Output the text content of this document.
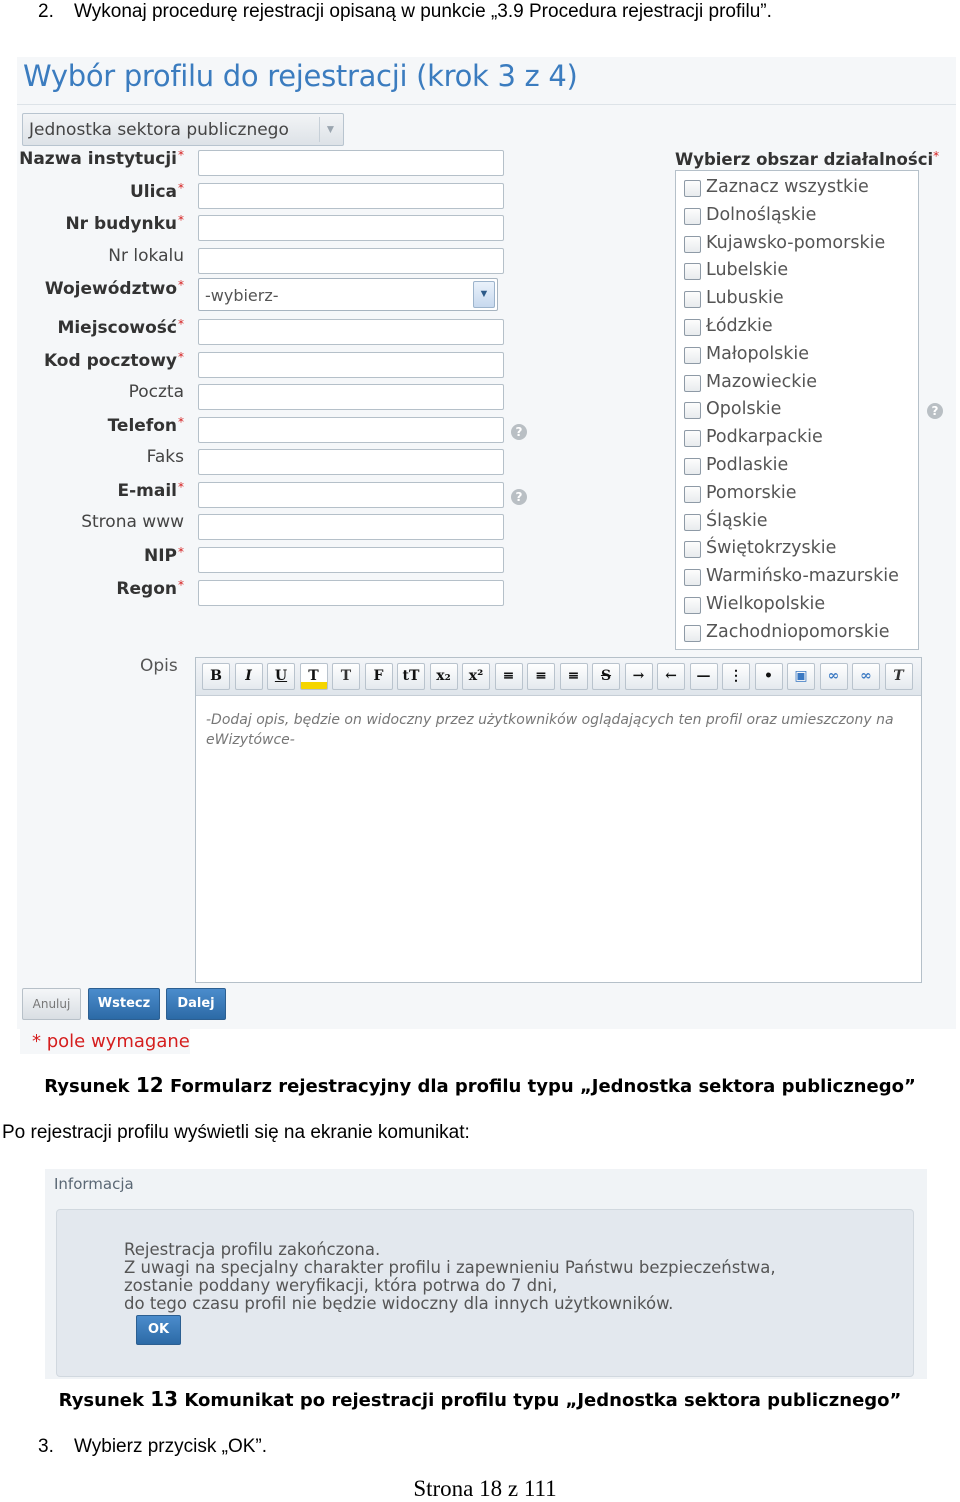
2. Wykonaj procedurę rejestracji opisaną w punkcie „3.9 Procedura rejestracji profilu”.
Wybór profilu do rejestracji (krok 3 z 4)
Jednostka sektora publicznego	▼
Nazwa instytucji*
Ulica*
Nr budynku*
Nr lokalu
Województwo*
-wybierz-	▼
Miejscowość*
Kod pocztowy*
Poczta
Telefon*
Faks
E-mail*
Strona www
NIP*
Regon*
?
?
?
Wybierz obszar działalności*
Zaznacz wszystkie
Dolnośląskie
Kujawsko-pomorskie
Lubelskie
Lubuskie
Łódzkie
Małopolskie
Mazowieckie
Opolskie
Podkarpackie
Podlaskie
Pomorskie
Śląskie
Świętokrzyskie
Warmińsko-mazurskie
Wielkopolskie
Zachodniopomorskie
Opis	B	I	U	T	T	F	tT	x₂	x²	≡	≡	≡	S	→	←	—	⋮	•	▣	∞	∞	T
-Dodaj opis, będzie on widoczny przez użytkowników oglądających ten profil oraz umieszczony na eWizytówce-
Anuluj	Wstecz	Dalej
* pole wymagane
Rysunek 12 Formularz rejestracyjny dla profilu typu „Jednostka sektora publicznego”
Po rejestracji profilu wyświetli się na ekranie komunikat:
Informacja
Rejestracja profilu zakończona.
Z uwagi na specjalny charakter profilu i zapewnieniu Państwu bezpieczeństwa,
zostanie poddany weryfikacji, która potrwa do 7 dni,
do tego czasu profil nie będzie widoczny dla innych użytkowników.
OK
Rysunek 13 Komunikat po rejestracji profilu typu „Jednostka sektora publicznego”
3. Wybierz przycisk „OK”.
Strona 18 z 111
